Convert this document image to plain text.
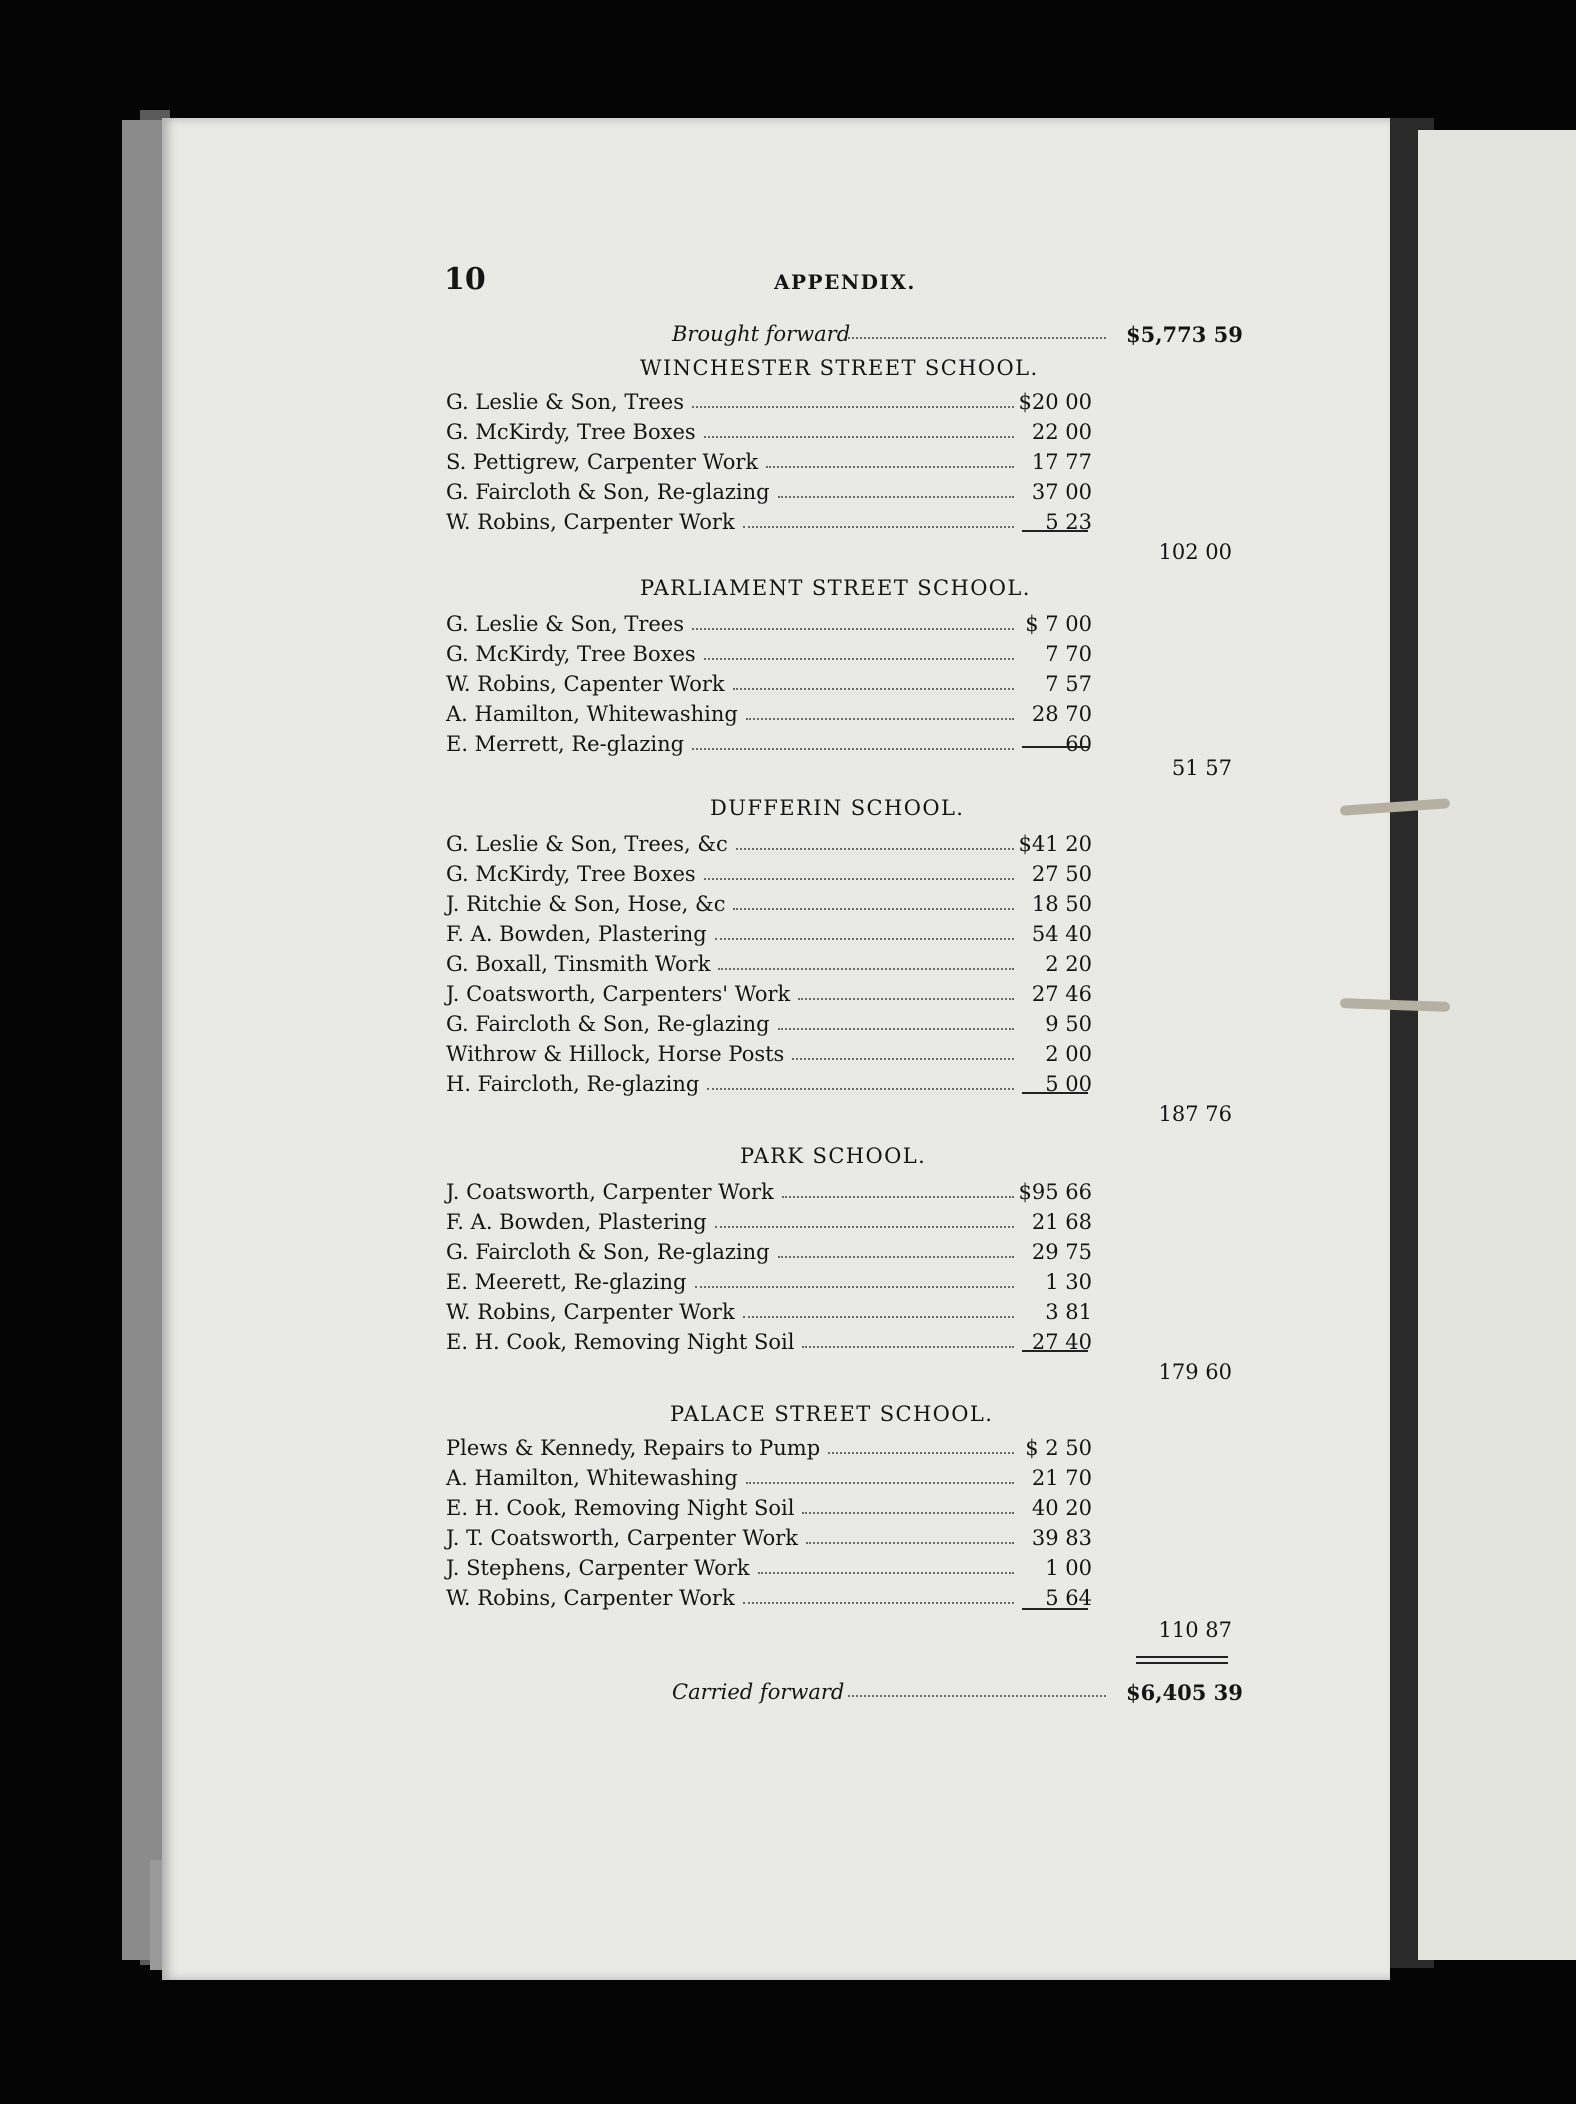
10	APPENDIX.
Brought forward	$5,773 59
WINCHESTER STREET SCHOOL.
G. Leslie & Son, Trees	$20 00
G. McKirdy, Tree Boxes	22 00
S. Pettigrew, Carpenter Work	17 77
G. Faircloth & Son, Re-glazing	37 00
W. Robins, Carpenter Work	5 23
102 00
PARLIAMENT STREET SCHOOL.
G. Leslie & Son, Trees	$ 7 00
G. McKirdy, Tree Boxes	7 70
W. Robins, Capenter Work	7 57
A. Hamilton, Whitewashing	28 70
E. Merrett, Re-glazing	60
51 57
DUFFERIN SCHOOL.
G. Leslie & Son, Trees, &c	$41 20
G. McKirdy, Tree Boxes	27 50
J. Ritchie & Son, Hose, &c	18 50
F. A. Bowden, Plastering	54 40
G. Boxall, Tinsmith Work	2 20
J. Coatsworth, Carpenters' Work	27 46
G. Faircloth & Son, Re-glazing	9 50
Withrow & Hillock, Horse Posts	2 00
H. Faircloth, Re-glazing	5 00
187 76
PARK SCHOOL.
J. Coatsworth, Carpenter Work	$95 66
F. A. Bowden, Plastering	21 68
G. Faircloth & Son, Re-glazing	29 75
E. Meerett, Re-glazing	1 30
W. Robins, Carpenter Work	3 81
E. H. Cook, Removing Night Soil	27 40
179 60
PALACE STREET SCHOOL.
Plews & Kennedy, Repairs to Pump	$ 2 50
A. Hamilton, Whitewashing	21 70
E. H. Cook, Removing Night Soil	40 20
J. T. Coatsworth, Carpenter Work	39 83
J. Stephens, Carpenter Work	1 00
W. Robins, Carpenter Work	5 64
110 87
Carried forward	$6,405 39
